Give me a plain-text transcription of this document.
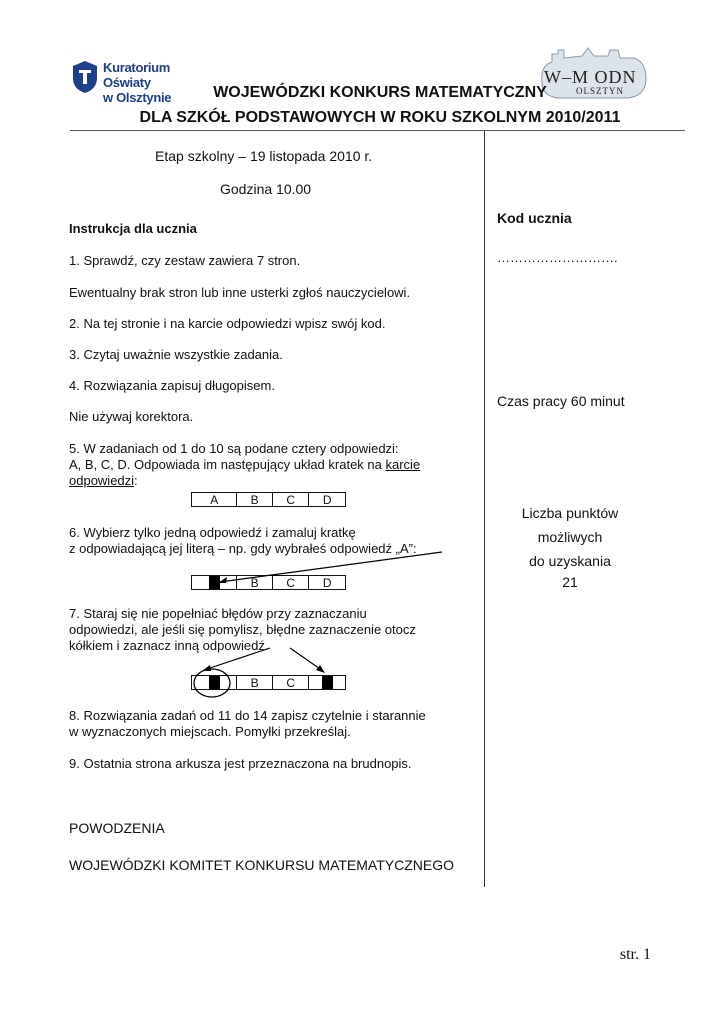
Kuratorium Oświaty
w Olsztynie
W–M ODN
OLSZTYN
WOJEWÓDZKI KONKURS MATEMATYCZNY
DLA SZKÓŁ PODSTAWOWYCH W ROKU SZKOLNYM 2010/2011
Etap szkolny – 19 listopada 2010 r.
Godzina 10.00
Instrukcja dla ucznia
1. Sprawdź, czy zestaw zawiera 7 stron.
Ewentualny brak stron lub inne usterki zgłoś nauczycielowi.
2. Na tej stronie i na karcie odpowiedzi wpisz swój kod.
3. Czytaj uważnie wszystkie zadania.
4. Rozwiązania zapisuj długopisem.
Nie używaj korektora.
5. W zadaniach od 1 do 10 są podane cztery odpowiedzi:
A, B, C, D. Odpowiada im następujący układ kratek na karcie
odpowiedzi:
A	B	C	D
6. Wybierz tylko jedną odpowiedź i zamaluj kratkę
z odpowiadającą jej literą – np. gdy wybrałeś odpowiedź „A”:
B	C	D
7. Staraj się nie popełniać błędów przy zaznaczaniu
odpowiedzi, ale jeśli się pomylisz, błędne zaznaczenie otocz
kółkiem i zaznacz inną odpowiedź.
B	C
8. Rozwiązania zadań od 11 do 14 zapisz czytelnie i starannie
w wyznaczonych miejscach. Pomyłki przekreślaj.
9. Ostatnia strona arkusza jest przeznaczona na brudnopis.
POWODZENIA
WOJEWÓDZKI KOMITET KONKURSU MATEMATYCZNEGO
Kod ucznia
……………………….
Czas pracy 60 minut
Liczba punktów
możliwych
do uzyskania
21
str. 1
